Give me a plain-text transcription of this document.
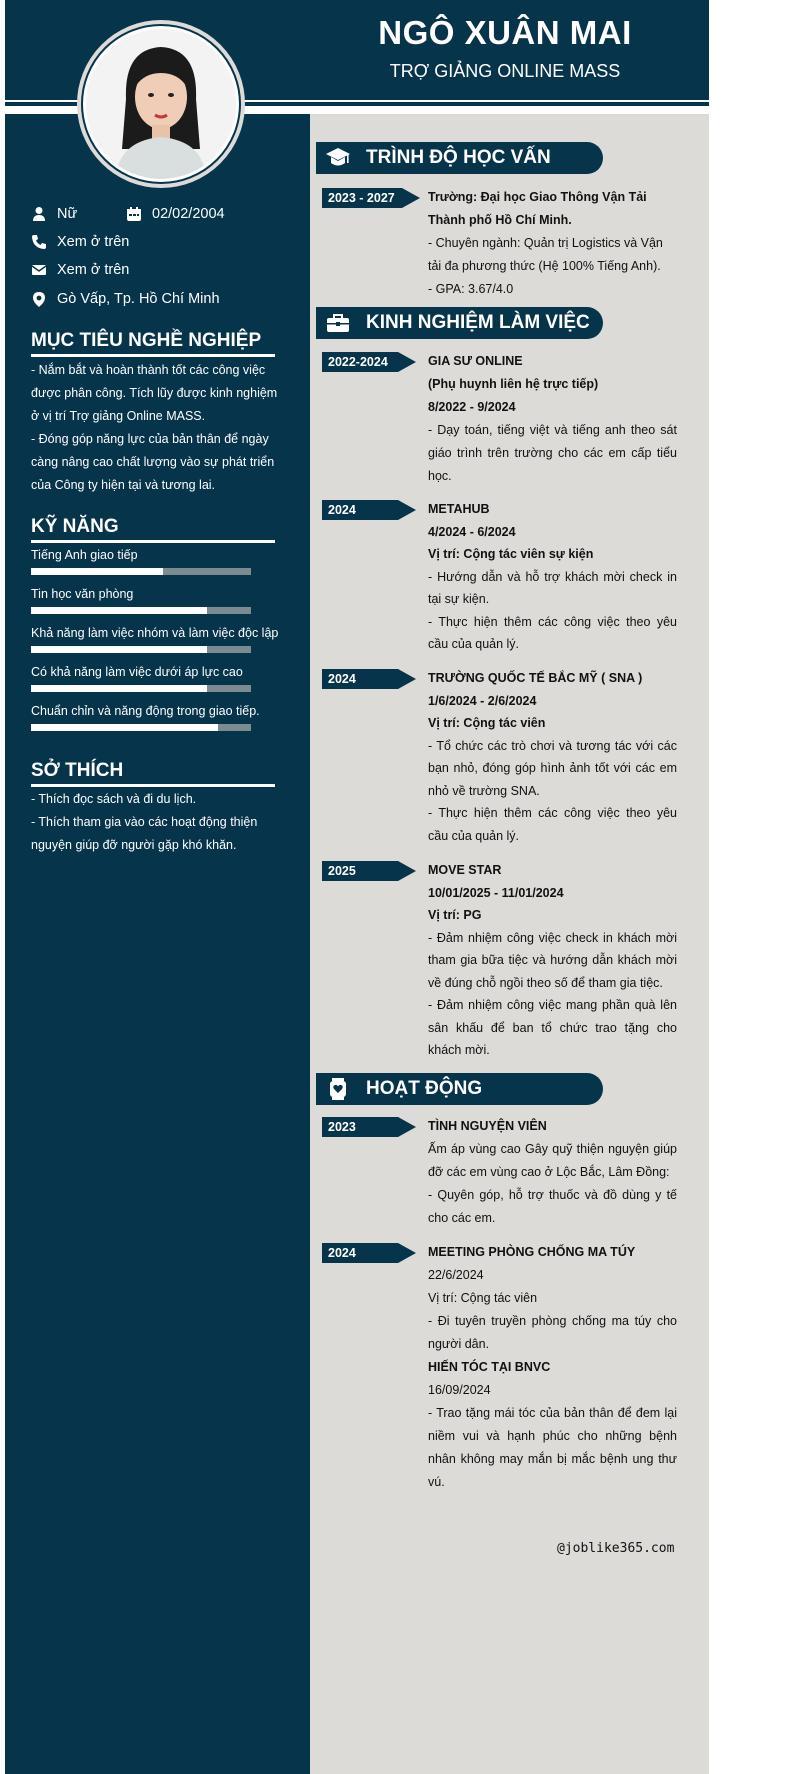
NGÔ XUÂN MAI
TRỢ GIẢNG ONLINE MASS
Nữ	02/02/2004
Xem ở trên
Xem ở trên
Gò Vấp, Tp. Hồ Chí Minh
MỤC TIÊU NGHỀ NGHIỆP
- Nắm bắt và hoàn thành tốt các công việc được phân công. Tích lũy được kinh nghiệm ở vị trí Trợ giảng Online MASS.
- Đóng góp năng lực của bản thân để ngày càng nâng cao chất lượng vào sự phát triển của Công ty hiện tại và tương lai.
KỸ NĂNG
Tiếng Anh giao tiếp
Tin học văn phòng
Khả năng làm việc nhóm và làm việc độc lập
Có khả năng làm việc dưới áp lực cao
Chuẩn chỉn và năng động trong giao tiếp.
SỞ THÍCH
- Thích đọc sách và đi du lịch.
- Thích tham gia vào các hoạt động thiện nguyện giúp đỡ người gặp khó khăn.
TRÌNH ĐỘ HỌC VẤN
2023 - 2027	Trường: Đại học Giao Thông Vận Tải Thành phố Hồ Chí Minh.
- Chuyên ngành: Quản trị Logistics và Vận tải đa phương thức (Hệ 100% Tiếng Anh).
- GPA: 3.67/4.0
KINH NGHIỆM LÀM VIỆC
2022-2024	GIA SƯ ONLINE
(Phụ huynh liên hệ trực tiếp)
8/2022 - 9/2024
- Dạy toán, tiếng việt và tiếng anh theo sát giáo trình trên trường cho các em cấp tiểu học.
2024	METAHUB
4/2024 - 6/2024
Vị trí: Cộng tác viên sự kiện
- Hướng dẫn và hỗ trợ khách mời check in tại sự kiện.
- Thực hiện thêm các công việc theo yêu cầu của quản lý.
2024	TRƯỜNG QUỐC TẾ BẮC MỸ ( SNA )
1/6/2024 - 2/6/2024
Vị trí: Cộng tác viên
- Tổ chức các trò chơi và tương tác với các bạn nhỏ, đóng góp hình ảnh tốt với các em nhỏ về trường SNA.
- Thực hiện thêm các công việc theo yêu cầu của quản lý.
2025	MOVE STAR
10/01/2025 - 11/01/2024
Vị trí: PG
- Đảm nhiệm công việc check in khách mời tham gia bữa tiệc và hướng dẫn khách mời về đúng chỗ ngồi theo số để tham gia tiệc.
- Đảm nhiệm công việc mang phần quà lên sân khấu để ban tổ chức trao tặng cho khách mời.
HOẠT ĐỘNG
2023	TÌNH NGUYỆN VIÊN
Ấm áp vùng cao Gây quỹ thiện nguyện giúp đỡ các em vùng cao ở Lộc Bắc, Lâm Đồng:
- Quyên góp, hỗ trợ thuốc và đồ dùng y tế cho các em.
2024	MEETING PHÒNG CHỐNG MA TÚY
22/6/2024
Vị trí: Cộng tác viên
- Đi tuyên truyền phòng chống ma túy cho người dân.
HIẾN TÓC TẠI BNVC
16/09/2024
- Trao tặng mái tóc của bản thân để đem lại niềm vui và hạnh phúc cho những bệnh nhân không may mắn bị mắc bệnh ung thư vú.
@joblike365.com
